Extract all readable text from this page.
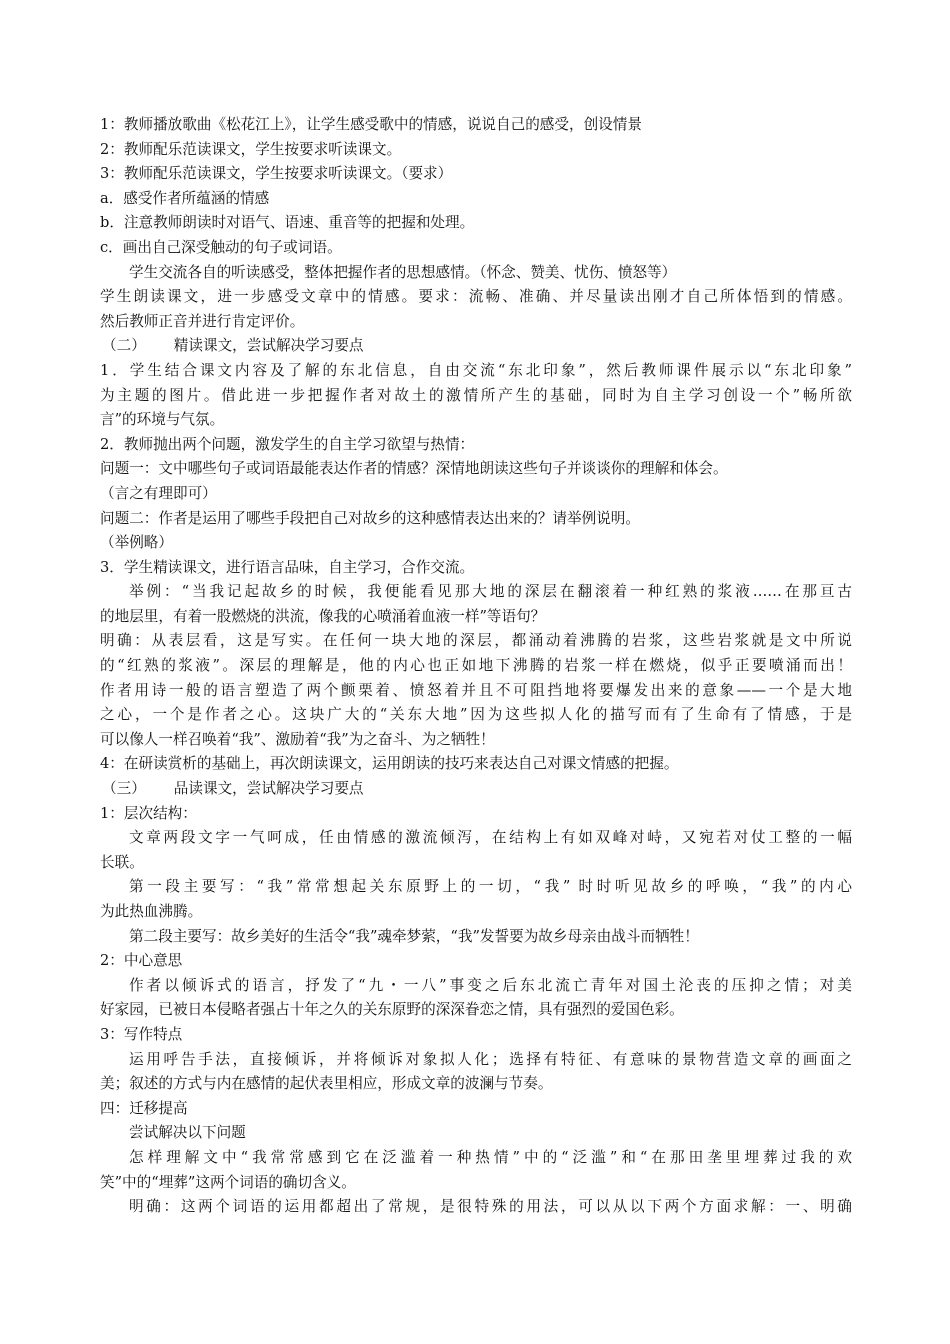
1：教师播放歌曲《松花江上》，让学生感受歌中的情感，说说自己的感受，创设情景

2：教师配乐范读课文，学生按要求听读课文。

3：教师配乐范读课文，学生按要求听读课文。（要求）

a．感受作者所蕴涵的情感

b．注意教师朗读时对语气、语速、重音等的把握和处理。

c．画出自己深受触动的句子或词语。

学生交流各自的听读感受，整体把握作者的思想感情。（怀念、赞美、忧伤、愤怒等）

学生朗读课文，进一步感受文章中的情感。要求：流畅、准确、并尽量读出刚才自己所体悟到的情感。

然后教师正音并进行肯定评价。

（二） 精读课文，尝试解决学习要点

1．学生结合课文内容及了解的东北信息，自由交流“东北印象”，然后教师课件展示以“东北印象”

为主题的图片。借此进一步把握作者对故土的激情所产生的基础，同时为自主学习创设一个”畅所欲

言”的环境与气氛。

2．教师抛出两个问题，激发学生的自主学习欲望与热情：

问题一：文中哪些句子或词语最能表达作者的情感？深情地朗读这些句子并谈谈你的理解和体会。

（言之有理即可）

问题二：作者是运用了哪些手段把自己对故乡的这种感情表达出来的？请举例说明。

（举例略）

3．学生精读课文，进行语言品味，自主学习，合作交流。

举例：“当我记起故乡的时候，我便能看见那大地的深层在翻滚着一种红熟的浆液……在那亘古

的地层里，有着一股燃烧的洪流，像我的心喷涌着血液一样”等语句？

明确：从表层看，这是写实。在任何一块大地的深层，都涌动着沸腾的岩浆，这些岩浆就是文中所说

的“红熟的浆液”。深层的理解是，他的内心也正如地下沸腾的岩浆一样在燃烧，似乎正要喷涌而出！

作者用诗一般的语言塑造了两个颤栗着、愤怒着并且不可阻挡地将要爆发出来的意象——一个是大地

之心，一个是作者之心。这块广大的“关东大地”因为这些拟人化的描写而有了生命有了情感，于是

可以像人一样召唤着“我”、激励着“我”为之奋斗、为之牺牲！

4：在研读赏析的基础上，再次朗读课文，运用朗读的技巧来表达自己对课文情感的把握。

（三） 品读课文，尝试解决学习要点

1：层次结构：

文章两段文字一气呵成，任由情感的激流倾泻，在结构上有如双峰对峙，又宛若对仗工整的一幅

长联。

第一段主要写：“我”常常想起关东原野上的一切，“我” 时时听见故乡的呼唤，“我”的内心

为此热血沸腾。

第二段主要写：故乡美好的生活令“我”魂牵梦萦，“我”发誓要为故乡母亲由战斗而牺牲！

2：中心意思

作者以倾诉式的语言，抒发了“九・一八”事变之后东北流亡青年对国土沦丧的压抑之情；对美

好家园，已被日本侵略者强占十年之久的关东原野的深深眷恋之情，具有强烈的爱国色彩。

3：写作特点

运用呼告手法，直接倾诉，并将倾诉对象拟人化；选择有特征、有意味的景物营造文章的画面之

美；叙述的方式与内在感情的起伏表里相应，形成文章的波澜与节奏。

四：迁移提高

尝试解决以下问题

怎样理解文中“我常常感到它在泛滥着一种热情”中的“泛滥”和“在那田垄里埋葬过我的欢

笑”中的“埋葬”这两个词语的确切含义。

明确：这两个词语的运用都超出了常规，是很特殊的用法，可以从以下两个方面求解：一、明确
